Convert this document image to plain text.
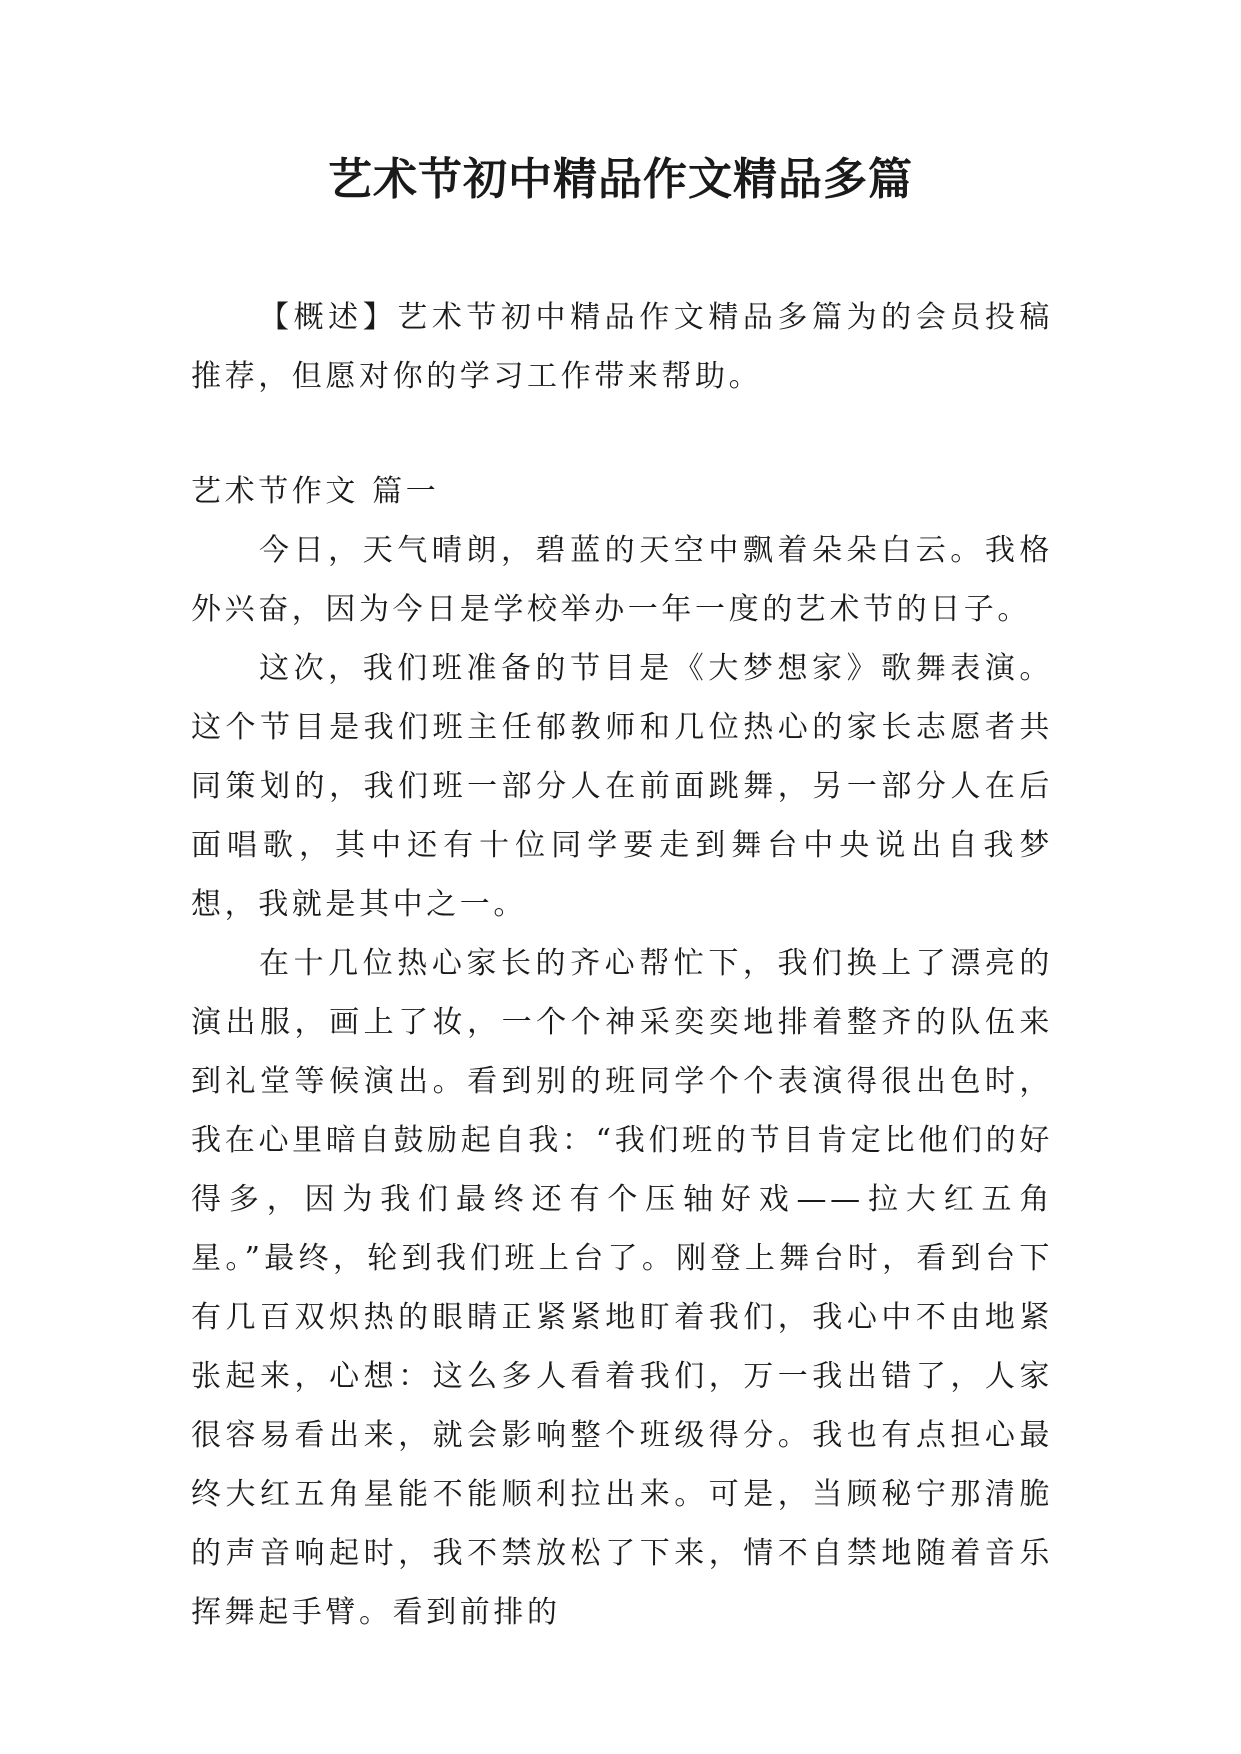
艺术节初中精品作文精品多篇

【概述】艺术节初中精品作文精品多篇为的会员投稿推荐，但愿对你的学习工作带来帮助。

艺术节作文 篇一

今日，天气晴朗，碧蓝的天空中飘着朵朵白云。我格外兴奋，因为今日是学校举办一年一度的艺术节的日子。

这次，我们班准备的节目是《大梦想家》歌舞表演。这个节目是我们班主任郁教师和几位热心的家长志愿者共同策划的，我们班一部分人在前面跳舞，另一部分人在后面唱歌，其中还有十位同学要走到舞台中央说出自我梦想，我就是其中之一。

在十几位热心家长的齐心帮忙下，我们换上了漂亮的演出服，画上了妆，一个个神采奕奕地排着整齐的队伍来到礼堂等候演出。看到别的班同学个个表演得很出色时，我在心里暗自鼓励起自我：“我们班的节目肯定比他们的好得多，因为我们最终还有个压轴好戏——拉大红五角星。”最终，轮到我们班上台了。刚登上舞台时，看到台下有几百双炽热的眼睛正紧紧地盯着我们，我心中不由地紧张起来，心想：这么多人看着我们，万一我出错了，人家很容易看出来，就会影响整个班级得分。我也有点担心最终大红五角星能不能顺利拉出来。可是，当顾秘宁那清脆的声音响起时，我不禁放松了下来，情不自禁地随着音乐挥舞起手臂。看到前排的
